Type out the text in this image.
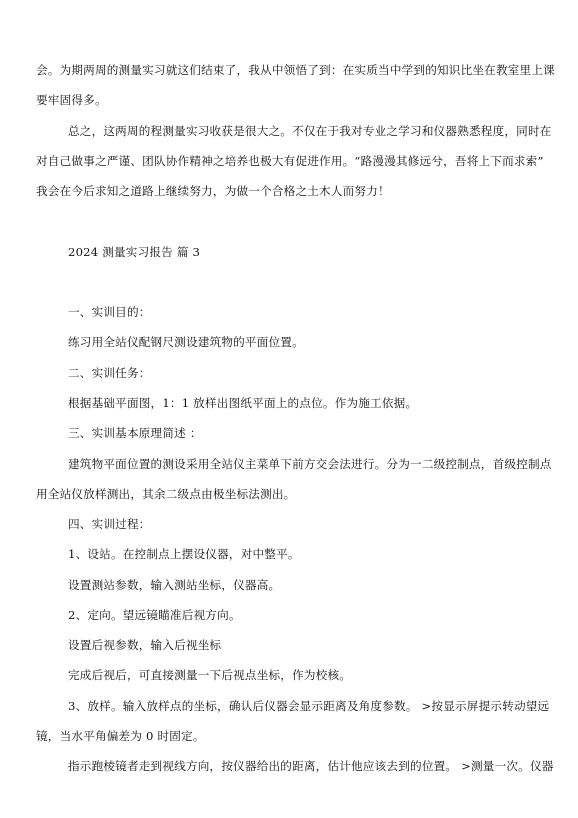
会。为期两周的测量实习就这们结束了，我从中领悟了到：在实质当中学到的知识比坐在教室里上课
要牢固得多。
总之，这两周的程测量实习收获是很大之。不仅在于我对专业之学习和仪器熟悉程度，同时在
对自己做事之严谨、团队协作精神之培养也极大有促进作用。“路漫漫其修远兮，吾将上下而求索”
我会在今后求知之道路上继续努力，为做一个合格之土木人而努力！
2024 测量实习报告 篇 3
一、实训目的：
练习用全站仪配钢尺测设建筑物的平面位置。
二、实训任务：
根据基础平面图，1：1 放样出图纸平面上的点位。作为施工依据。
三、实训基本原理简述 ：
建筑物平面位置的测设采用全站仪主菜单下前方交会法进行。分为一二级控制点，首级控制点
用全站仪放样测出，其余二级点由极坐标法测出。
四、实训过程：
1、设站。在控制点上摆设仪器，对中整平。
设置测站参数，输入测站坐标，仪器高。
2、定向。望远镜瞄准后视方向。
设置后视参数，输入后视坐标
完成后视后，可直接测量一下后视点坐标，作为校核。
3、放样。输入放样点的坐标，确认后仪器会显示距离及角度参数。 >按显示屏提示转动望远
镜，当水平角偏差为 0 时固定。
指示跑棱镜者走到视线方向，按仪器给出的距离，估计他应该去到的位置。 >测量一次。仪器
